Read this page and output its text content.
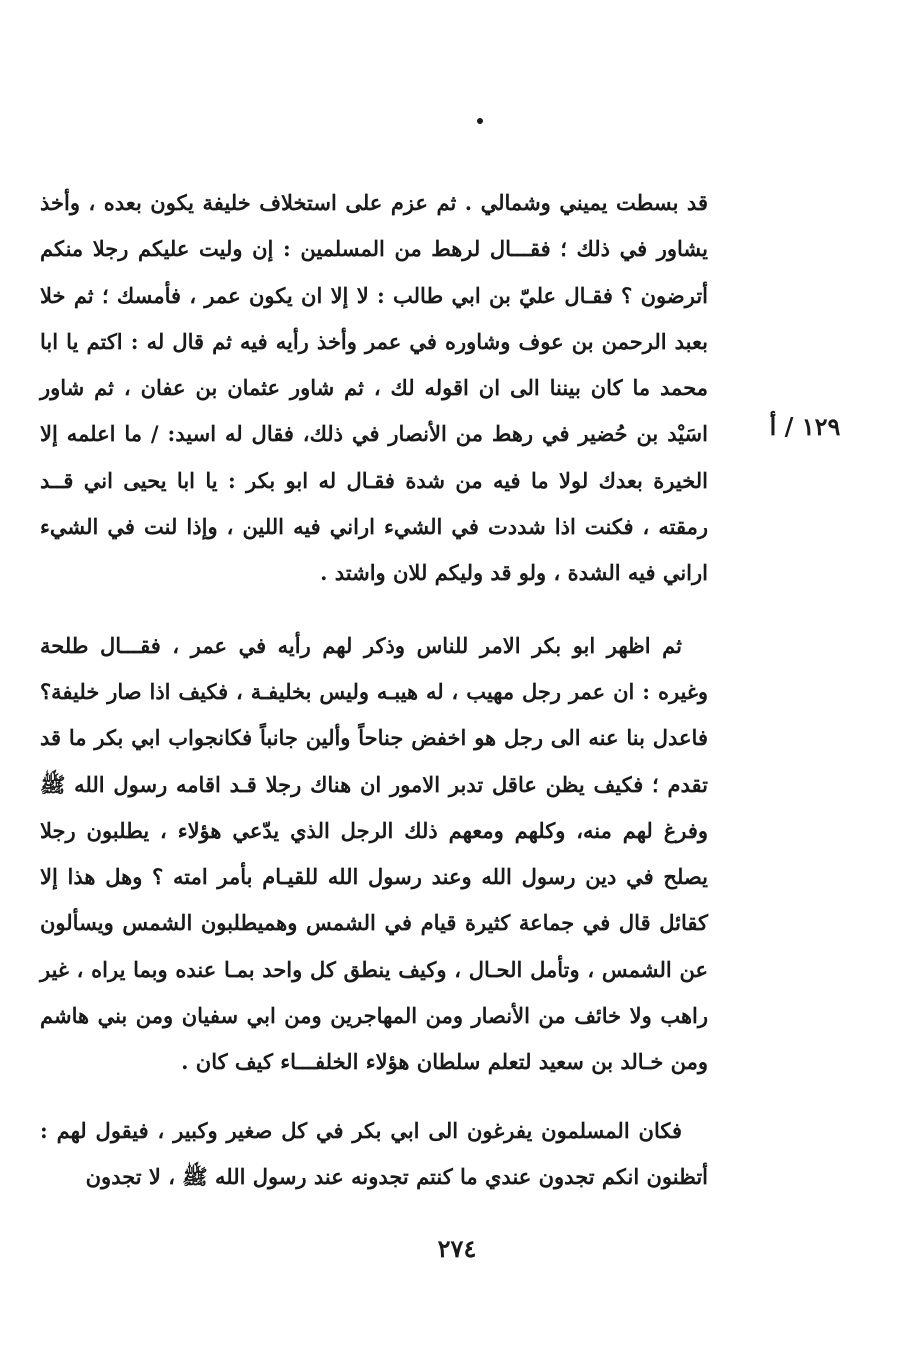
١٢٩ / أ

قد بسطت يميني وشمالي . ثم عزم على استخلاف خليفة يكون بعده ، وأخذ يشاور في ذلك ؛ فقـــال لرهط من المسلمين : إن وليت عليكم رجلا منكم أترضون ؟ فقـال عليّ بن ابي طالب : لا إلا ان يكون عمر ، فأمسك ؛ ثم خلا بعبد الرحمن بن عوف وشاوره في عمر وأخذ رأيه فيه ثم قال له : اكتم يا ابا محمد ما كان بيننا الى ان اقوله لك ، ثم شاور عثمان بن عفان ، ثم شاور اسَيْد بن حُضير في رهط من الأنصار في ذلك، فقال له اسيد: / ما اعلمه إلا الخيرة بعدك لولا ما فيه من شدة فقـال له ابو بكر : يا ابا يحيى اني قــد رمقته ، فكنت اذا شددت في الشيء اراني فيه اللين ، وإذا لنت في الشيء اراني فيه الشدة ، ولو قد وليكم للان واشتد .

ثم اظهر ابو بكر الامر للناس وذكر لهم رأيه في عمر ، فقـــال طلحة وغيره : ان عمر رجل مهيب ، له هيبـه وليس بخليفـة ، فكيف اذا صار خليفة؟ فاعدل بنا عنه الى رجل هو اخفض جناحاً وألين جانباً فكانجواب ابي بكر ما قد تقدم ؛ فكيف يظن عاقل تدبر الامور ان هناك رجلا قـد اقامه رسول الله ﷺ وفرغ لهم منه، وكلهم ومعهم ذلك الرجل الذي يدّعي هؤلاء ، يطلبون رجلا يصلح في دين رسول الله وعند رسول الله للقيـام بأمر امته ؟ وهل هذا إلا كقائل قال في جماعة كثيرة قيام في الشمس وهميطلبون الشمس ويسألون عن الشمس ، وتأمل الحـال ، وكيف ينطق كل واحد بمـا عنده وبما يراه ، غير راهب ولا خائف من الأنصار ومن المهاجرين ومن ابي سفيان ومن بني هاشم ومن خـالد بن سعيد لتعلم سلطان هؤلاء الخلفـــاء كيف كان .

فكان المسلمون يفرغون الى ابي بكر في كل صغير وكبير ، فيقول لهم : أتظنون انكم تجدون عندي ما كنتم تجدونه عند رسول الله ﷺ ، لا تجدون

٢٧٤
